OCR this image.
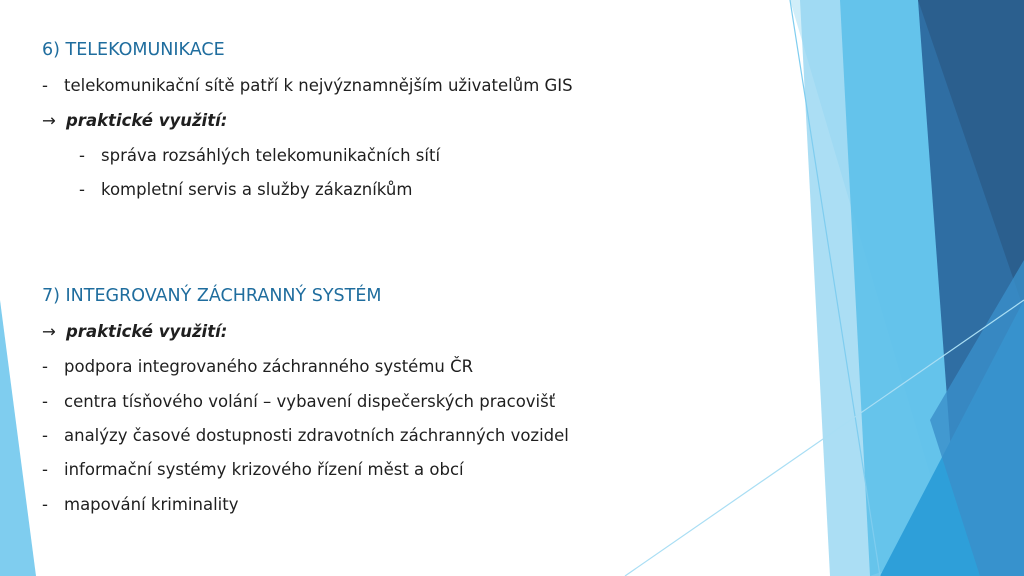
6) TELEKOMUNIKACE
- telekomunikační sítě patří k nejvýznamnějším uživatelům GIS
→ praktické využití:
- správa rozsáhlých telekomunikačních sítí
- kompletní servis a služby zákazníkům
7) INTEGROVANÝ ZÁCHRANNÝ SYSTÉM
→ praktické využití:
- podpora integrovaného záchranného systému ČR
- centra tísňového volání – vybavení dispečerských pracovišť
- analýzy časové dostupnosti zdravotních záchranných vozidel
- informační systémy krizového řízení měst a obcí
- mapování kriminality
